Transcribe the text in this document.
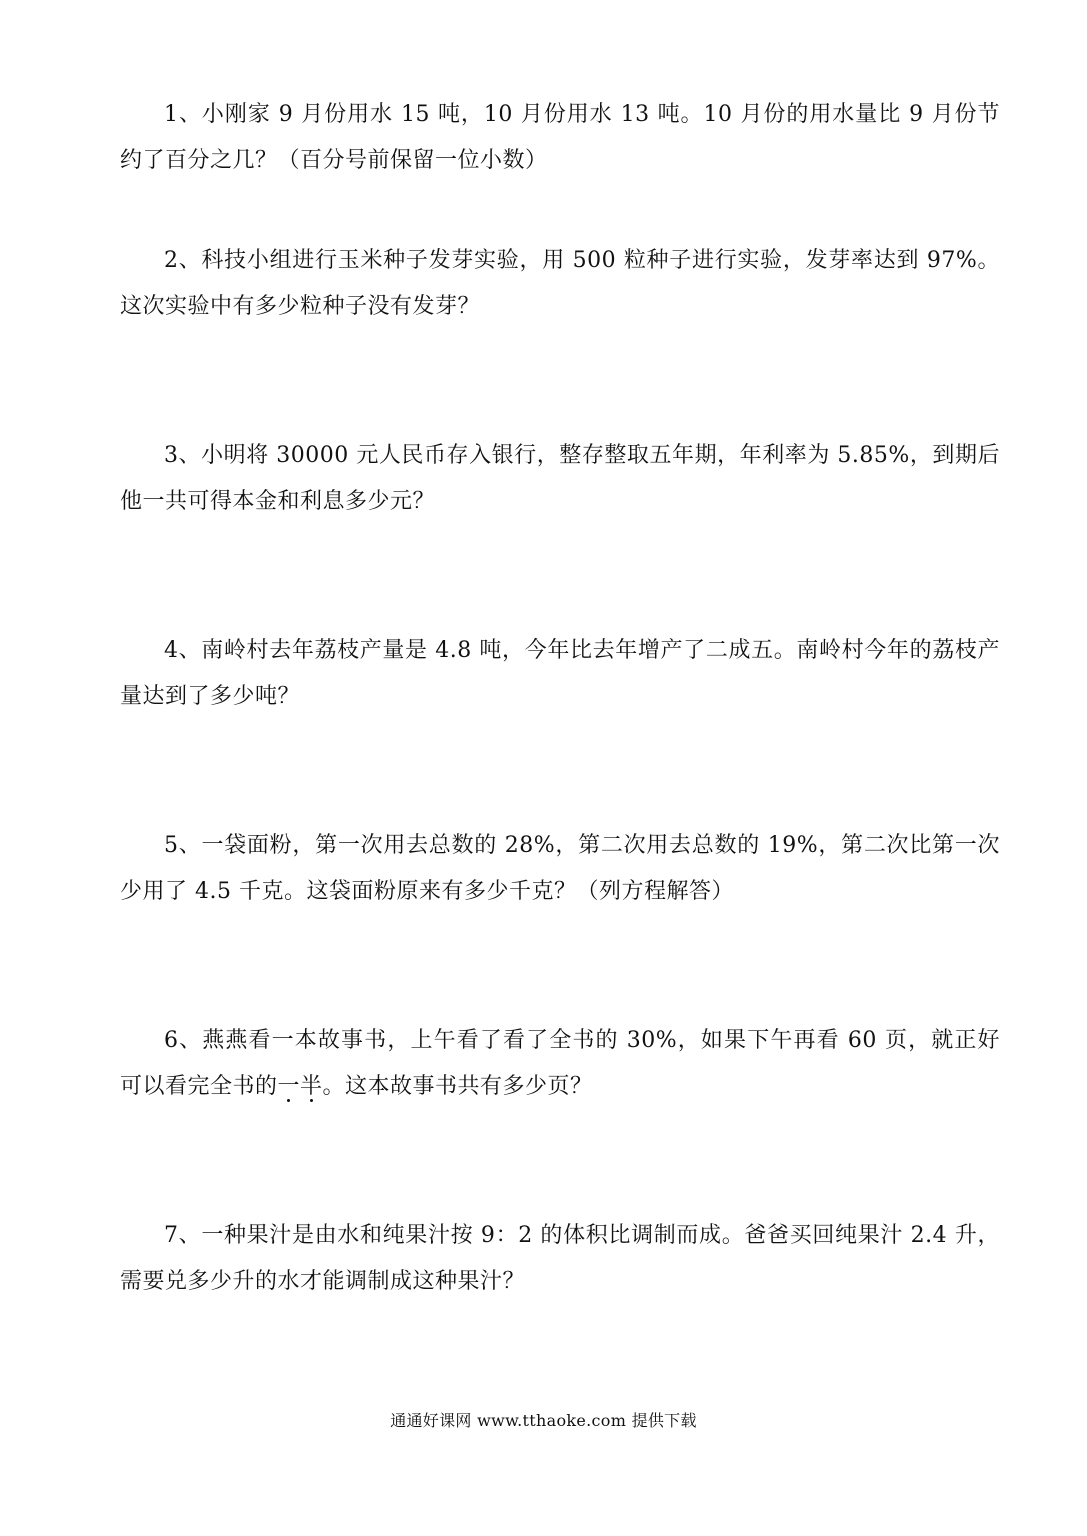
1、小刚家 9 月份用水 15 吨，10 月份用水 13 吨。10 月份的用水量比 9 月份节约了百分之几？（百分号前保留一位小数）
2、科技小组进行玉米种子发芽实验，用 500 粒种子进行实验，发芽率达到 97%。这次实验中有多少粒种子没有发芽？
3、小明将 30000 元人民币存入银行，整存整取五年期，年利率为 5.85%，到期后他一共可得本金和利息多少元？
4、南岭村去年荔枝产量是 4.8 吨，今年比去年增产了二成五。南岭村今年的荔枝产量达到了多少吨？
5、一袋面粉，第一次用去总数的 28%，第二次用去总数的 19%，第二次比第一次少用了 4.5 千克。这袋面粉原来有多少千克？（列方程解答）
6、燕燕看一本故事书，上午看了看了全书的 30%，如果下午再看 60 页，就正好可以看完全书的一半
。这本故事书共有多少页？
7、一种果汁是由水和纯果汁按 9：2 的体积比调制而成。爸爸买回纯果汁 2.4 升，需要兑多少升的水才能调制成这种果汁？
通通好课网 www.tthaoke.com 提供下载
